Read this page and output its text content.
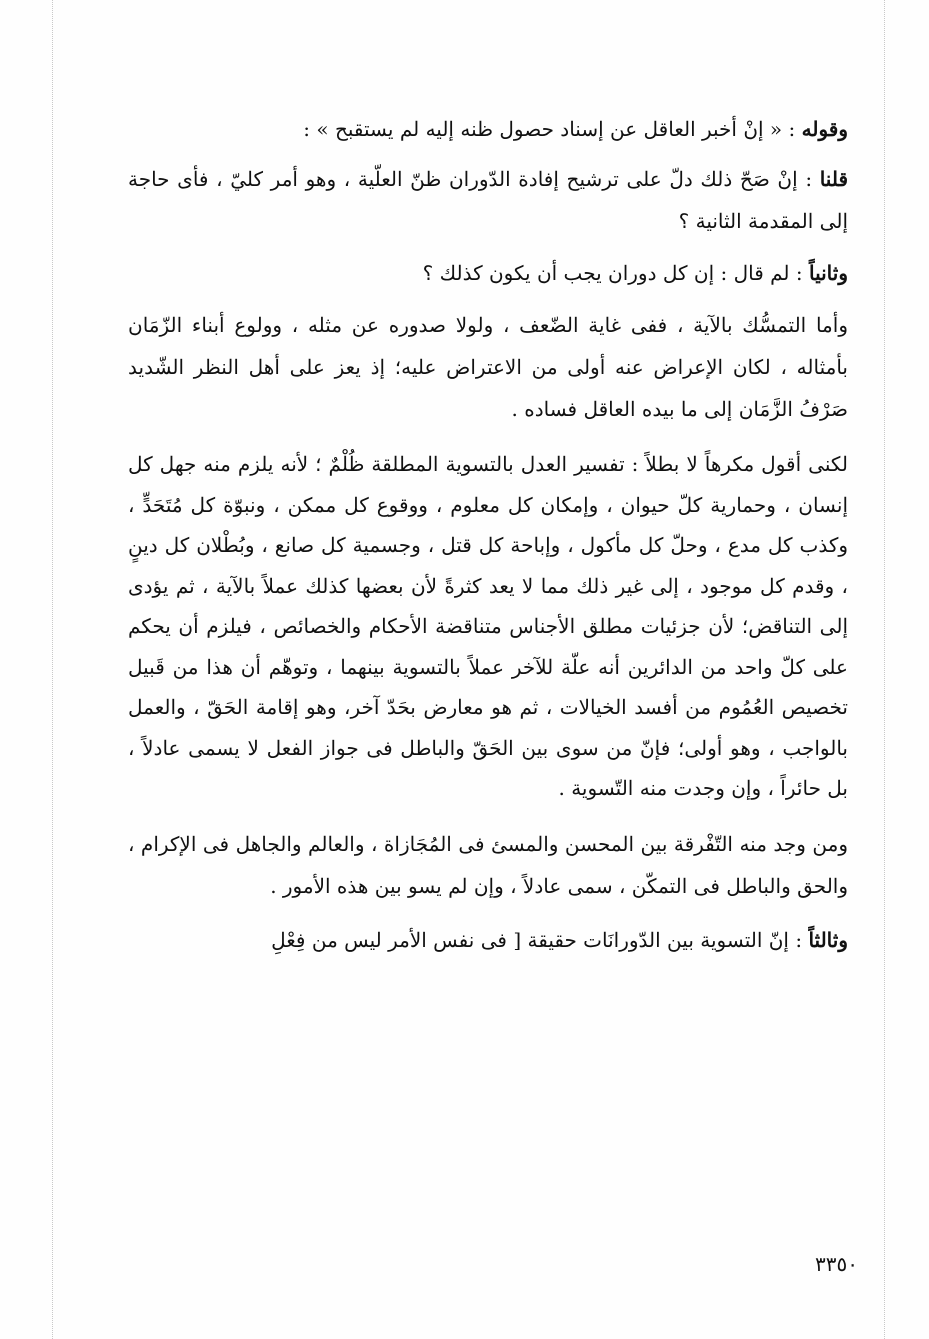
وقوله : « إنْ أخبر العاقل عن إسناد حصول ظنه إليه لم يستقبح » :

قلنا : إنْ صَحّ ذلك دلّ على ترشيح إفادة الدّوران ظنّ العلّية ، وهو أمر كليّ ، فأى حاجة إلى المقدمة الثانية ؟

وثانياً : لم قال : إن كل دوران يجب أن يكون كذلك ؟

وأما التمسُّك بالآية ، ففى غاية الضّعف ، ولولا صدوره عن مثله ، وولوع أبناء الزّمَان بأمثاله ، لكان الإعراض عنه أولى من الاعتراض عليه؛ إذ يعز على أهل النظر الشّديد صَرْفُ الزَّمَان إلى ما بيده العاقل فساده .

لكنى أقول مكرهاً لا بطلاً : تفسير العدل بالتسوية المطلقة ظُلْمٌ ؛ لأنه يلزم منه جهل كل إنسان ، وحمارية كلّ حيوان ، وإمكان كل معلوم ، ووقوع كل ممكن ، ونبوّة كل مُتَحَدٍّ ، وكذب كل مدع ، وحلّ كل مأكول ، وإباحة كل قتل ، وجسمية كل صانع ، وبُطْلان كل دينٍ ، وقدم كل موجود ، إلى غير ذلك مما لا يعد كثرةً لأن بعضها كذلك عملاً بالآية ، ثم يؤدى إلى التناقض؛ لأن جزئيات مطلق الأجناس متناقضة الأحكام والخصائص ، فيلزم أن يحكم على كلّ واحد من الدائرين أنه علّة للآخر عملاً بالتسوية بينهما ، وتوهّم أن هذا من قَبيل تخصيص العُمُوم من أفسد الخيالات ، ثم هو معارض بحَدّ آخر، وهو إقامة الحَقّ ، والعمل بالواجب ، وهو أولى؛ فإنّ من سوى بين الحَقّ والباطل فى جواز الفعل لا يسمى عادلاً ، بل حائراً ، وإن وجدت منه التّسوية .

ومن وجد منه التّفْرقة بين المحسن والمسئ فى المُجَازاة ، والعالم والجاهل فى الإكرام ، والحق والباطل فى التمكّن ، سمى عادلاً ، وإن لم يسو بين هذه الأمور .

وثالثاً : إنّ التسوية بين الدّورانَات حقيقة [ فى نفس الأمر ليس من فِعْلِ

٣٣٥٠
